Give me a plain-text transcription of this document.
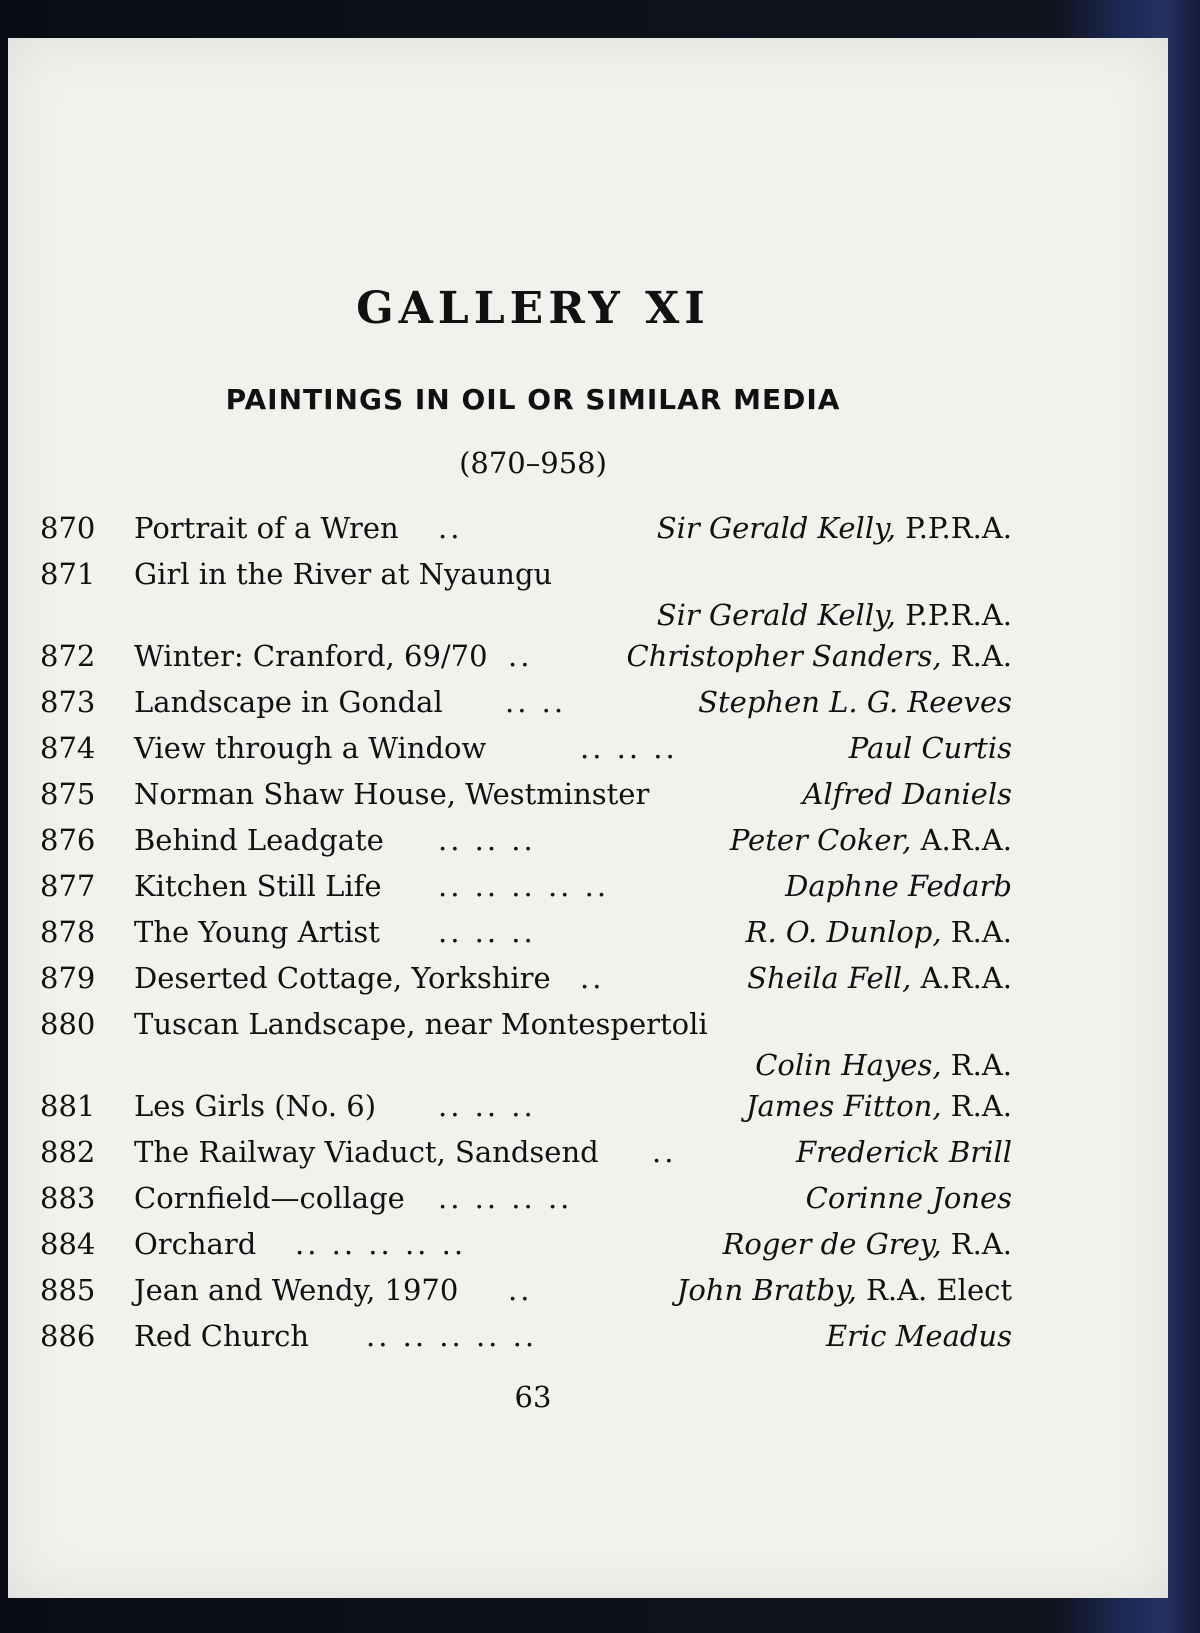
GALLERY XI
PAINTINGS IN OIL OR SIMILAR MEDIA
(870–958)
870 Portrait of a Wren ..	Sir Gerald Kelly, P.P.R.A.
871 Girl in the River at Nyaungu
Sir Gerald Kelly, P.P.R.A.
872 Winter: Cranford, 69/70 ..	Christopher Sanders, R.A.
873 Landscape in Gondal .. ..	Stephen L. G. Reeves
874 View through a Window	.. .. ..	Paul Curtis
875 Norman Shaw House, Westminster	Alfred Daniels
876 Behind Leadgate .. .. ..	Peter Coker, A.R.A.
877 Kitchen Still Life .. .. .. .. ..	Daphne Fedarb
878 The Young Artist .. .. ..	R. O. Dunlop, R.A.
879 Deserted Cottage, Yorkshire ..	Sheila Fell, A.R.A.
880 Tuscan Landscape, near Montespertoli
Colin Hayes, R.A.
881 Les Girls (No. 6) .. .. ..	James Fitton, R.A.
882 The Railway Viaduct, Sandsend ..	Frederick Brill
883 Cornfield—collage .. .. .. ..	Corinne Jones
884 Orchard .. .. .. .. ..	Roger de Grey, R.A.
885 Jean and Wendy, 1970 ..	John Bratby, R.A. Elect
886 Red Church .. .. .. .. ..	Eric Meadus
63
